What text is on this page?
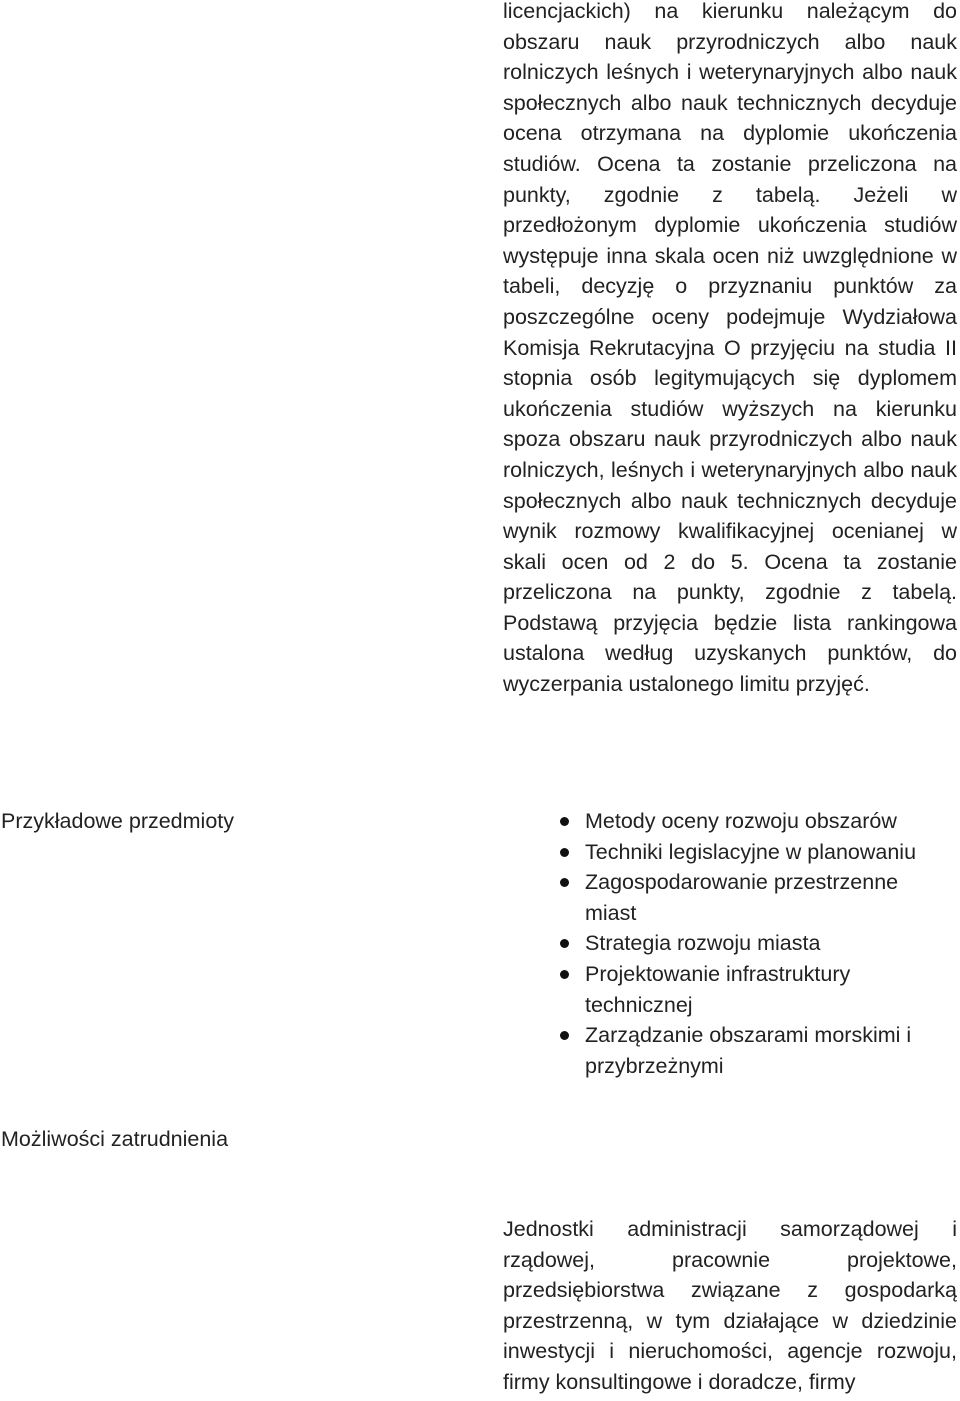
licencjackich) na kierunku należącym do obszaru nauk przyrodniczych albo nauk rolniczych leśnych i weterynaryjnych albo nauk społecznych albo nauk technicznych decyduje ocena otrzymana na dyplomie ukończenia studiów. Ocena ta zostanie przeliczona na punkty, zgodnie z tabelą. Jeżeli w przedłożonym dyplomie ukończenia studiów występuje inna skala ocen niż uwzględnione w tabeli, decyzję o przyznaniu punktów za poszczególne oceny podejmuje Wydziałowa Komisja Rekrutacyjna O przyjęciu na studia II stopnia osób legitymujących się dyplomem ukończenia studiów wyższych na kierunku spoza obszaru nauk przyrodniczych albo nauk rolniczych, leśnych i weterynaryjnych albo nauk społecznych albo nauk technicznych decyduje wynik rozmowy kwalifikacyjnej ocenianej w skali ocen od 2 do 5. Ocena ta zostanie przeliczona na punkty, zgodnie z tabelą. Podstawą przyjęcia będzie lista rankingowa ustalona według uzyskanych punktów, do wyczerpania ustalonego limitu przyjęć.

Przykładowe przedmioty	Metody oceny rozwoju obszarów
Techniki legislacyjne w planowaniu
Zagospodarowanie przestrzenne miast
Strategia rozwoju miasta
Projektowanie infrastruktury technicznej
Zarządzanie obszarami morskimi i przybrzeżnymi
Możliwości zatrudnienia

Jednostki administracji samorządowej i rządowej, pracownie projektowe, przedsiębiorstwa związane z gospodarką przestrzenną, w tym działające w dziedzinie inwestycji i nieruchomości, agencje rozwoju, firmy konsultingowe i doradcze, firmy
